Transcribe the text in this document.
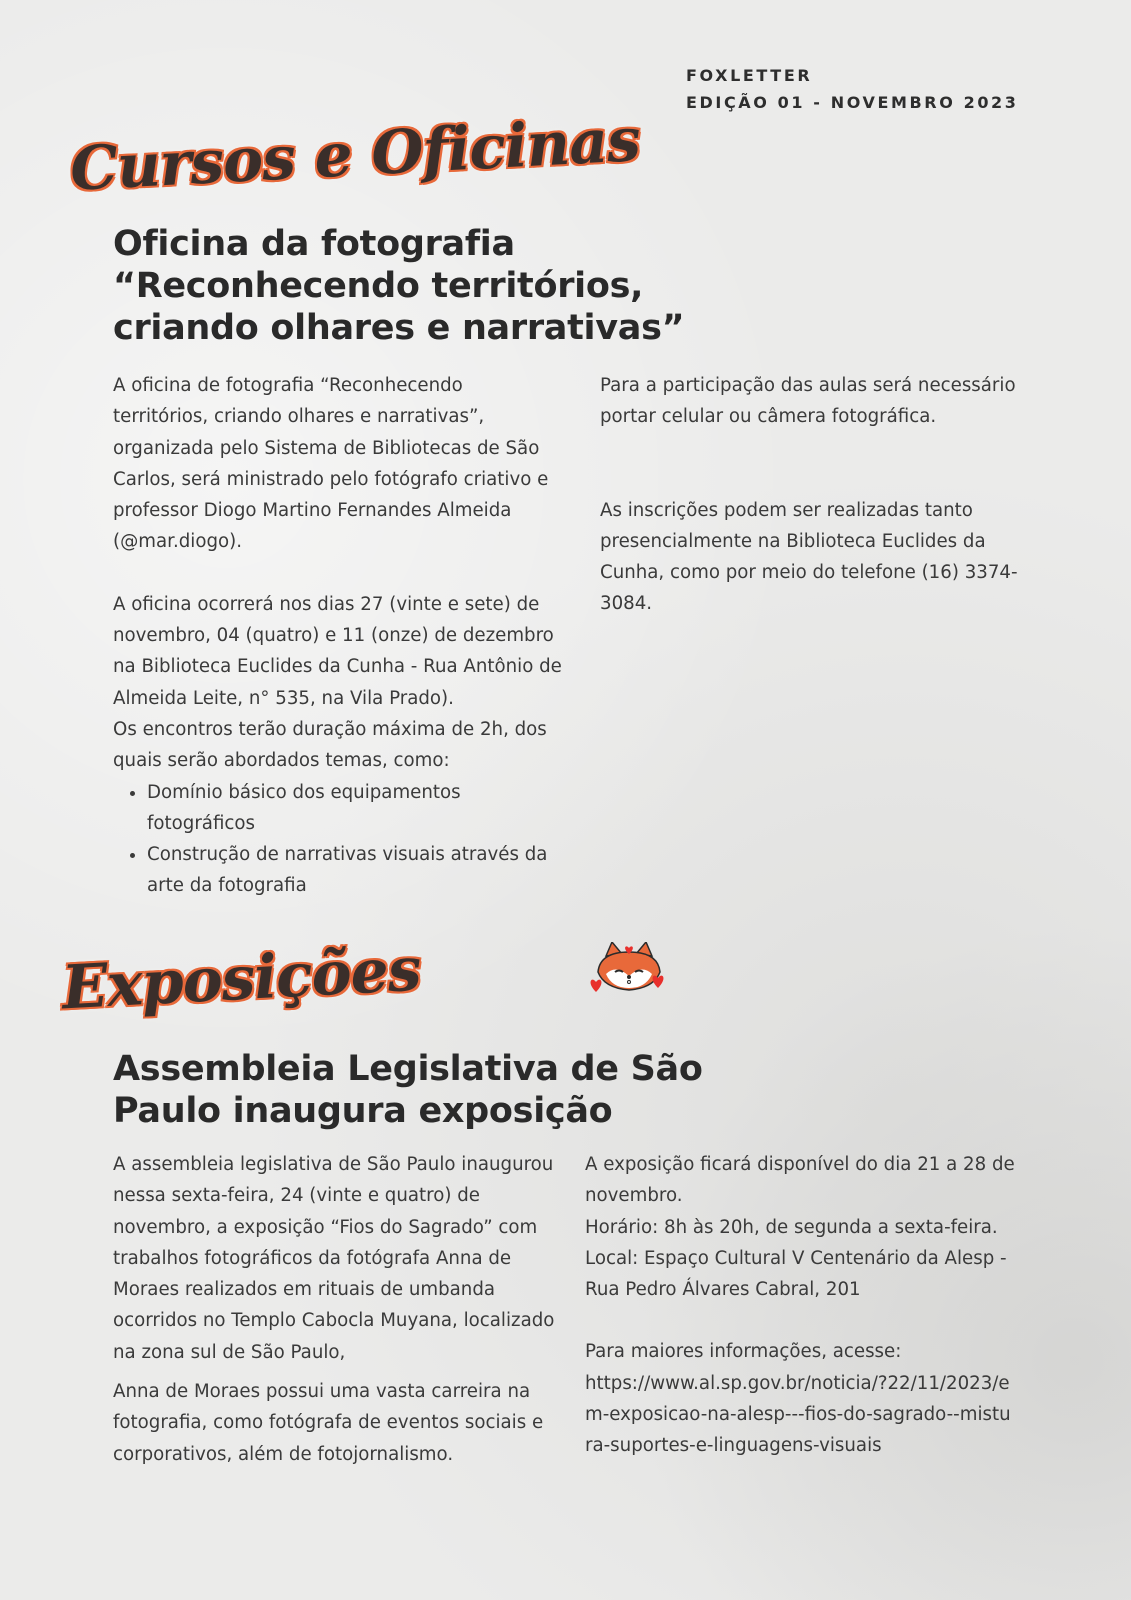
FOXLETTER
EDIÇÃO 01 - NOVEMBRO 2023
Cursos e Oficinas
Oficina da fotografia
“Reconhecendo territórios,
criando olhares e narrativas”

A oficina de fotografia “Reconhecendo territórios, criando olhares e narrativas”, organizada pelo Sistema de Bibliotecas de São Carlos, será ministrado pelo fotógrafo criativo e professor Diogo Martino Fernandes Almeida (@mar.diogo).

A oficina ocorrerá nos dias 27 (vinte e sete) de novembro, 04 (quatro) e 11 (onze) de dezembro na Biblioteca Euclides da Cunha - Rua Antônio de Almeida Leite, n° 535, na Vila Prado).

Os encontros terão duração máxima de 2h, dos quais serão abordados temas, como:

• Domínio básico dos equipamentos fotográficos
• Construção de narrativas visuais através da arte da fotografia

Para a participação das aulas será necessário portar celular ou câmera fotográfica.

As inscrições podem ser realizadas tanto presencialmente na Biblioteca Euclides da Cunha, como por meio do telefone (16) 3374-3084.

Exposições
Assembleia Legislativa de São
Paulo inaugura exposição

A assembleia legislativa de São Paulo inaugurou nessa sexta-feira, 24 (vinte e quatro) de novembro, a exposição “Fios do Sagrado” com trabalhos fotográficos da fotógrafa Anna de Moraes realizados em rituais de umbanda ocorridos no Templo Cabocla Muyana, localizado na zona sul de São Paulo,

Anna de Moraes possui uma vasta carreira na fotografia, como fotógrafa de eventos sociais e corporativos, além de fotojornalismo.

A exposição ficará disponível do dia 21 a 28 de novembro.

Horário: 8h às 20h, de segunda a sexta-feira. Local: Espaço Cultural V Centenário da Alesp - Rua Pedro Álvares Cabral, 201

Para maiores informações, acesse:

https://www.al.sp.gov.br/noticia/?22/11/2023/em-exposicao-na-alesp---fios-do-sagrado--mistura-suportes-e-linguagens-visuais
